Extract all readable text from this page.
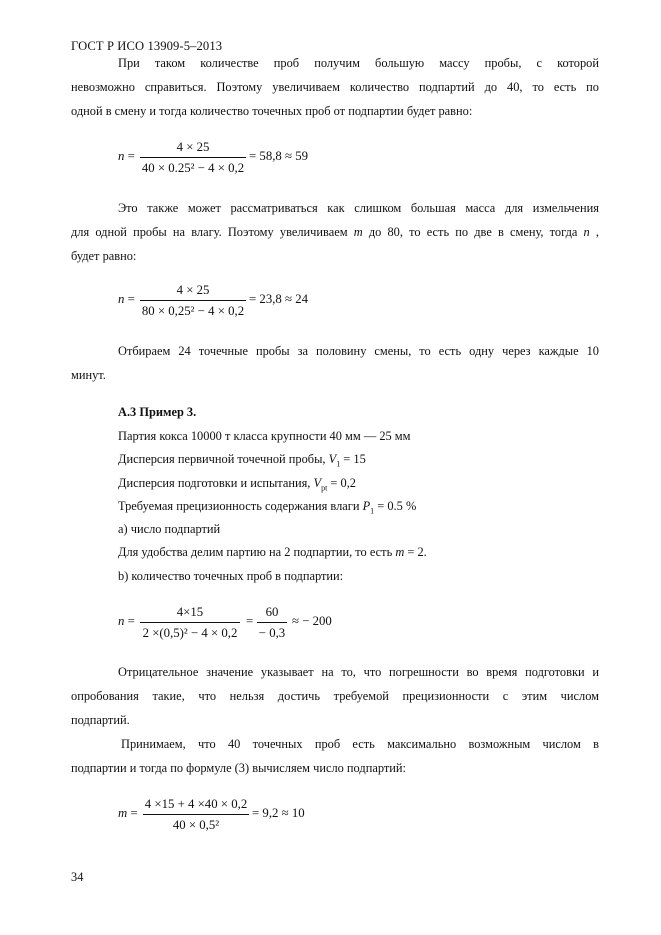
ГОСТ Р ИСО 13909-5–2013
При таком количестве проб получим большую массу пробы, с которой
невозможно справиться. Поэтому увеличиваем количество подпартий до 40, то есть по
одной в смену и тогда количество точечных проб от подпартии будет равно:
n =
4 × 25
40 × 0.25² − 4 × 0,2
= 58,8 ≈ 59
Это также может рассматриваться как слишком большая масса для измельчения
для одной пробы на влагу. Поэтому увеличиваем m до 80, то есть по две в смену, тогда n ,
будет равно:
n =
4 × 25
80 × 0,25² − 4 × 0,2
= 23,8 ≈ 24
Отбираем 24 точечные пробы за половину смены, то есть одну через каждые 10
минут.
А.3 Пример 3.
Партия кокса 10000 т класса крупности 40 мм — 25 мм
Дисперсия первичной точечной пробы, $V_1 = 15$
Дисперсия подготовки и испытания, $V_{pt} = 0,2$
Требуемая прецизионность содержания влаги $P_1 = 0.5$ %
а) число подпартий
Для удобства делим партию на 2 подпартии, то есть m = 2.
b) количество точечных проб в подпартии:
n =
4×15
2 ×(0,5)² − 4 × 0,2
=
60
− 0,3
≈ − 200
Отрицательное значение указывает на то, что погрешности во время подготовки и
опробования такие, что нельзя достичь требуемой прецизионности с этим числом
подпартий.
Принимаем, что 40 точечных проб есть максимально возможным числом в
подпартии и тогда по формуле (3) вычисляем число подпартий:
m =
4 ×15 + 4 ×40 × 0,2
40 × 0,5²
= 9,2 ≈ 10
34
